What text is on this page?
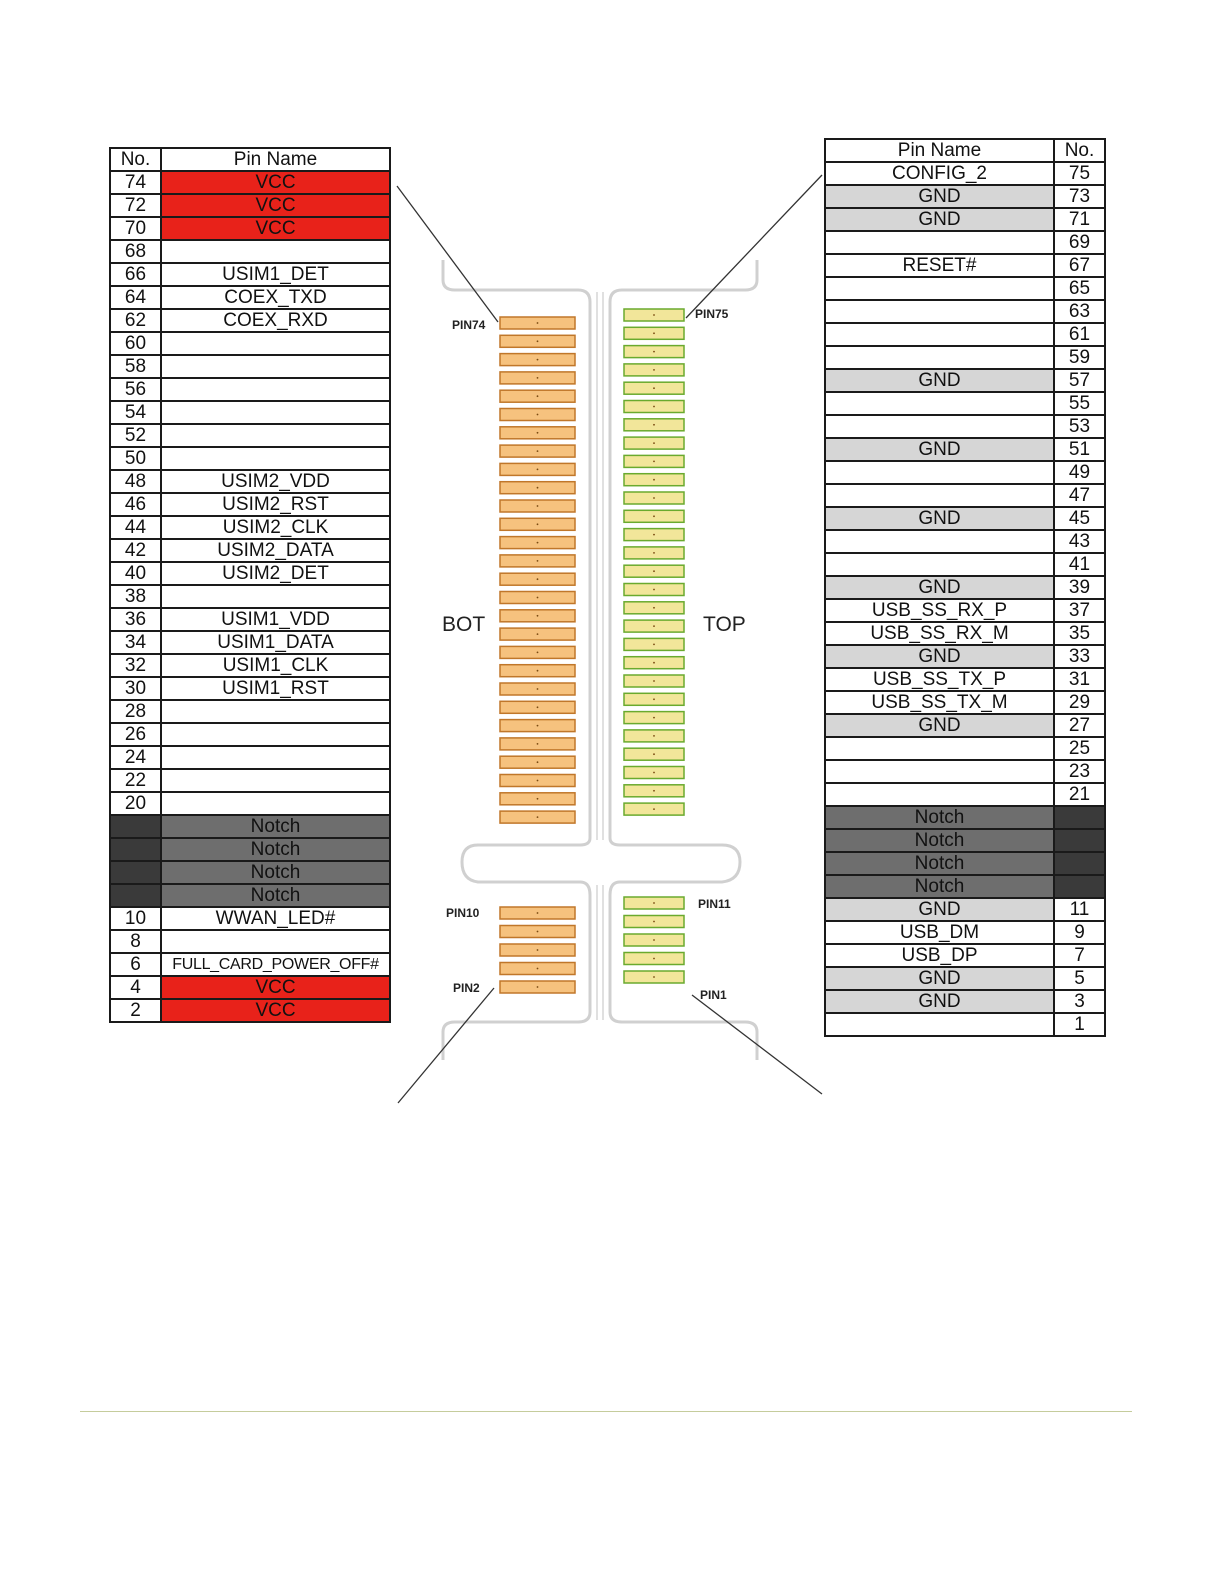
No.	Pin Name
74	VCC
72	VCC
70	VCC
68	
66	USIM1_DET
64	COEX_TXD
62	COEX_RXD
60	
58	
56	
54	
52	
50	
48	USIM2_VDD
46	USIM2_RST
44	USIM2_CLK
42	USIM2_DATA
40	USIM2_DET
38	
36	USIM1_VDD
34	USIM1_DATA
32	USIM1_CLK
30	USIM1_RST
28	
26	
24	
22	
20	
	Notch
	Notch
	Notch
	Notch
10	WWAN_LED#
8	
6	FULL_CARD_POWER_OFF#
4	VCC
2	VCC
Pin Name	No.
CONFIG_2	75
GND	73
GND	71
	69
RESET#	67
	65
	63
	61
	59
GND	57
	55
	53
GND	51
	49
	47
GND	45
	43
	41
GND	39
USB_SS_RX_P	37
USB_SS_RX_M	35
GND	33
USB_SS_TX_P	31
USB_SS_TX_M	29
GND	27
	25
	23
	21
Notch	
Notch	
Notch	
Notch	
GND	11
USB_DM	9
USB_DP	7
GND	5
GND	3
	1
PIN74
PIN75
PIN10
PIN11
PIN2	PIN1
BOT	TOP
